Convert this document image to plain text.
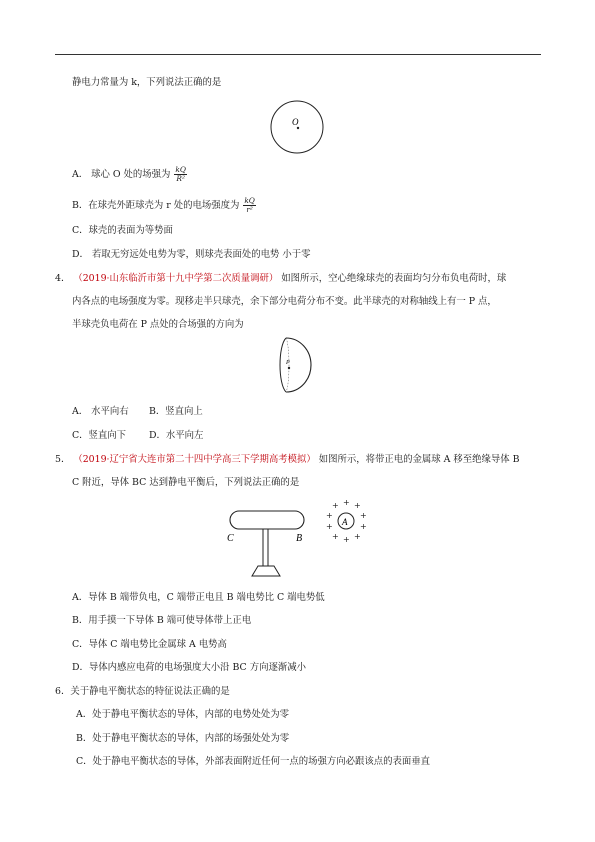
静电力常量为 k，下列说法正确的是
O
A． 球心 O 处的场强为 $\frac{kQ}{\text{R²}}$
B．在球壳外距球壳为 r 处的电场强度为 $\frac{kQ}{\text{r²}}$
C．球壳的表面为等势面
D． 若取无穷远处电势为零，则球壳表面处的电势 小于零
4． （2019·山东临沂市第十九中学第二次质量调研） 如图所示，空心绝缘球壳的表面均匀分布负电荷时，球
内各点的电场强度为零。现移走半只球壳，余下部分电荷分布不变。此半球壳的对称轴线上有一 P 点，
半球壳负电荷在 P 点处的合场强的方向为
P
A． 水平向右 B．竖直向上
C．竖直向下 D．水平向左
5． （2019·辽宁省大连市第二十四中学高三下学期高考模拟） 如图所示，将带正电的金属球 A 移至绝缘导体 B
C 附近，导体 BC 达到静电平衡后，下列说法正确的是
C	B
A
+ + +
+	+
+	+
+ + +
A．导体 B 端带负电，C 端带正电且 B 端电势比 C 端电势低
B．用手摸一下导体 B 端可使导体带上正电
C．导体 C 端电势比金属球 A 电势高
D．导体内感应电荷的电场强度大小沿 BC 方向逐渐减小
6．关于静电平衡状态的特征说法正确的是
A．处于静电平衡状态的导体，内部的电势处处为零
B．处于静电平衡状态的导体，内部的场强处处为零
C．处于静电平衡状态的导体，外部表面附近任何一点的场强方向必跟该点的表面垂直
